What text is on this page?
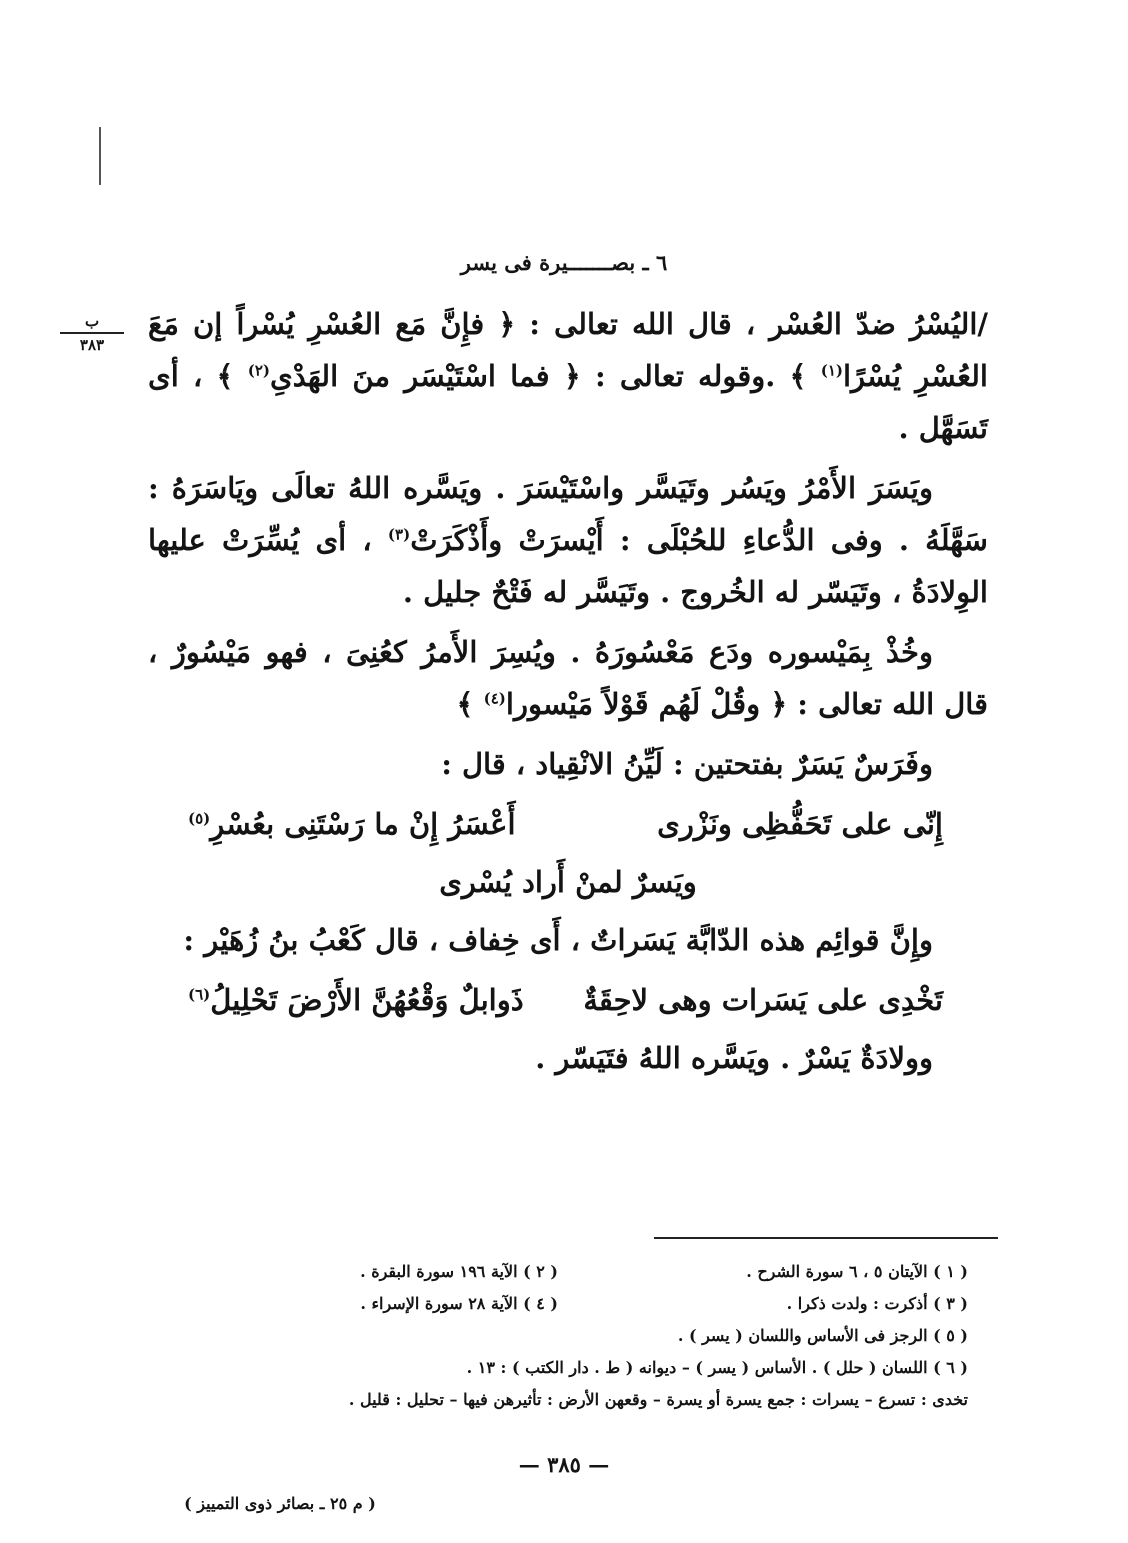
٦ ـ بصـــــــيرة فى يسر
ب
٣٨٣

/اليُسْرُ ضدّ العُسْر ، قال الله تعالى : ﴿ فإِنَّ مَع العُسْرِ يُسْراً إن مَعَ العُسْرِ يُسْرًا$^{(١)}$ ﴾ .وقوله تعالى : ﴿ فما اسْتَيْسَر منَ الهَدْىِ$^{(٢)}$ ﴾ ، أى تَسَهَّل .

ويَسَرَ الأَمْرُ ويَسُر وتَيَسَّر واسْتَيْسَرَ . ويَسَّره اللهُ تعالَى ويَاسَرَهُ : سَهَّلَهُ . وفى الدُّعاءِ للحُبْلَى : أَيْسرَتْ وأَذْكَرَتْ$^{(٣)}$ ، أى يُسِّرَتْ عليها الوِلادَةُ ، وتَيَسّر له الخُروج . وتَيَسَّر له فَتْحٌ جليل .

وخُذْ بِمَيْسوره ودَع مَعْسُورَهُ . ويُسِرَ الأَمرُ كعُنِىَ ، فهو مَيْسُورٌ ، قال الله تعالى : ﴿ وقُلْ لَهُم قَوْلاً مَيْسورا$^{(٤)}$ ﴾

وفَرَسٌ يَسَرٌ بفتحتين : لَيِّنُ الانْقِياد ، قال :

إِنّى على تَحَفُّظِى ونَزْرى
أَعْسَرُ إِنْ ما رَسْتَنِى بعُسْرِ$^{(٥)}$
ويَسرٌ لمنْ أَراد يُسْرى

وإِنَّ قوائِم هذه الدّابَّة يَسَراتٌ ، أَى خِفاف ، قال كَعْبُ بنُ زُهَيْر :

تَخْدِى على يَسَرات وهى لاحِقَةٌ
ذَوابلٌ وَقْعُهُنَّ الأَرْضَ تَحْلِيلُ$^{(٦)}$

وولادَةٌ يَسْرٌ . ويَسَّره اللهُ فتَيَسّر .

( ١ ) الآيتان ٥ ، ٦ سورة الشرح .
( ٢ ) الآية ١٩٦ سورة البقرة .
( ٣ ) أذكرت : ولدت ذكرا .
( ٤ ) الآية ٢٨ سورة الإسراء .
( ٥ ) الرجز فى الأساس واللسان ( يسر ) .
( ٦ ) اللسان ( حلل ) . الأساس ( يسر ) – ديوانه ( ط . دار الكتب ) : ١٣ .
تخدى : تسرع – يسرات : جمع يسرة أو يسرة – وقعهن الأرض : تأثيرهن فيها – تحليل : قليل .
— ٣٨٥ —
( م ٢٥ ـ بصائر ذوى التمييز )
